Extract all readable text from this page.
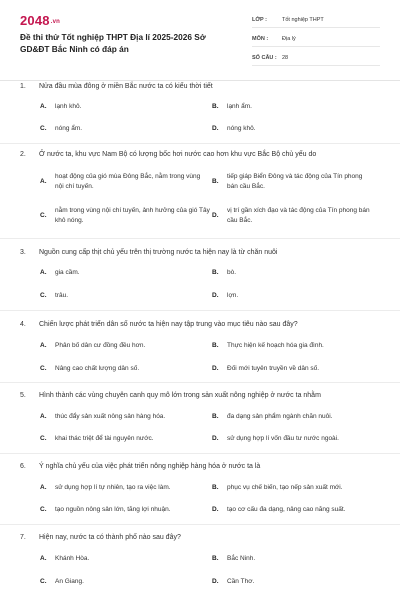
2048.vn
Đề thi thử Tốt nghiệp THPT Địa lí 2025-2026 Sở GD&ĐT Bắc Ninh có đáp án
LỚP :	Tốt nghiệp THPT
MÔN :	Địa lý
SỐ CÂU : 28
1.	Nửa đầu mùa đông ở miền Bắc nước ta có kiểu thời tiết
A.	lạnh khô.	B.	lạnh ẩm.
C.	nóng ẩm.	D.	nóng khô.
2.	Ở nước ta, khu vực Nam Bộ có lượng bốc hơi nước cao hơn khu vực Bắc Bộ chủ yếu do
A.
hoạt động của gió mùa Đông Bắc, nằm trong vùng nội chí tuyến.
B.
tiếp giáp Biển Đông và tác động của Tín phong bán cầu Bắc.
C.
nằm trong vùng nội chí tuyến, ảnh hưởng của gió Tây khô nóng.
D.
vị trí gần xích đạo và tác động của Tín phong bán cầu Bắc.
3.	Nguồn cung cấp thịt chủ yếu trên thị trường nước ta hiện nay là từ chăn nuôi
A.	gia cầm.	B.	bò.
C.	trâu.	D.	lợn.
4.	Chiến lược phát triển dân số nước ta hiện nay tập trung vào mục tiêu nào sau đây?
A.	Phân bố dân cư đồng đều hơn.	B.	Thực hiện kế hoạch hóa gia đình.
C.	Nâng cao chất lượng dân số.	D.	Đối mới tuyên truyền về dân số.
5.	Hình thành các vùng chuyên canh quy mô lớn trong sản xuất nông nghiệp ở nước ta nhằm
A.	thúc đẩy sản xuất nông sản hàng hóa.	B.	đa dạng sản phẩm ngành chăn nuôi.
C.	khai thác triệt để tài nguyên nước.	D.	sử dụng hợp lí vốn đầu tư nước ngoài.
6.	Ý nghĩa chủ yếu của việc phát triển nông nghiệp hàng hóa ở nước ta là
A.	sử dụng hợp lí tự nhiên, tạo ra việc làm.	B.	phục vụ chế biến, tạo nếp sản xuất mới.
C.	tạo nguồn nông sản lớn, tăng lợi nhuận.	D.	tạo cơ cấu đa dạng, nâng cao năng suất.
7.	Hiện nay, nước ta có thành phố nào sau đây?
A.	Khánh Hòa.	B.	Bắc Ninh.
C.	An Giang.	D.	Cần Thơ.
